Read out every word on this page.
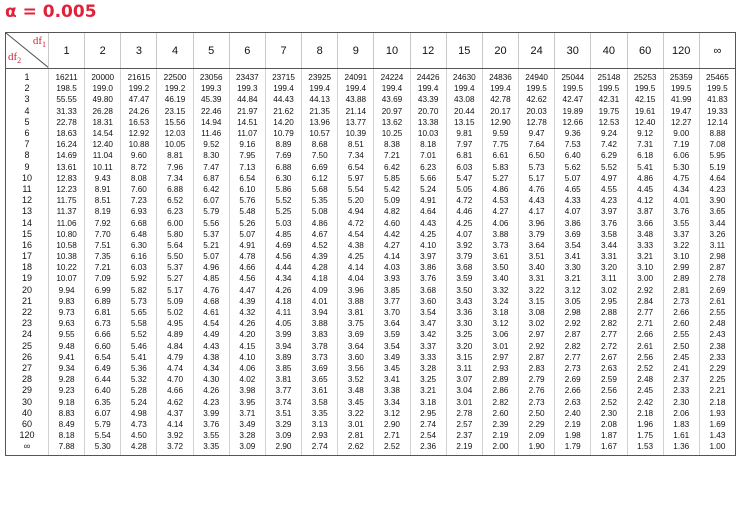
α = 0.005
$df_1$
$df_2$	1	2	3	4	5	6	7	8	9	10	12	15	20	24	30	40	60	120	∞
1	16211	20000	21615	22500	23056	23437	23715	23925	24091	24224	24426	24630	24836	24940	25044	25148	25253	25359	25465
2	198.5	199.0	199.2	199.2	199.3	199.3	199.4	199.4	199.4	199.4	199.4	199.4	199.4	199.5	199.5	199.5	199.5	199.5	199.5
3	55.55	49.80	47.47	46.19	45.39	44.84	44.43	44.13	43.88	43.69	43.39	43.08	42.78	42.62	42.47	42.31	42.15	41.99	41.83
4	31.33	26.28	24.26	23.15	22.46	21.97	21.62	21.35	21.14	20.97	20.70	20.44	20.17	20.03	19.89	19.75	19.61	19.47	19.33
5	22.78	18.31	16.53	15.56	14.94	14.51	14.20	13.96	13.77	13.62	13.38	13.15	12.90	12.78	12.66	12.53	12.40	12.27	12.14
6	18.63	14.54	12.92	12.03	11.46	11.07	10.79	10.57	10.39	10.25	10.03	9.81	9.59	9.47	9.36	9.24	9.12	9.00	8.88
7	16.24	12.40	10.88	10.05	9.52	9.16	8.89	8.68	8.51	8.38	8.18	7.97	7.75	7.64	7.53	7.42	7.31	7.19	7.08
8	14.69	11.04	9.60	8.81	8.30	7.95	7.69	7.50	7.34	7.21	7.01	6.81	6.61	6.50	6.40	6.29	6.18	6.06	5.95
9	13.61	10.11	8.72	7.96	7.47	7.13	6.88	6.69	6.54	6.42	6.23	6.03	5.83	5.73	5.62	5.52	5.41	5.30	5.19
10	12.83	9.43	8.08	7.34	6.87	6.54	6.30	6.12	5.97	5.85	5.66	5.47	5.27	5.17	5.07	4.97	4.86	4.75	4.64
11	12.23	8.91	7.60	6.88	6.42	6.10	5.86	5.68	5.54	5.42	5.24	5.05	4.86	4.76	4.65	4.55	4.45	4.34	4.23
12	11.75	8.51	7.23	6.52	6.07	5.76	5.52	5.35	5.20	5.09	4.91	4.72	4.53	4.43	4.33	4.23	4.12	4.01	3.90
13	11.37	8.19	6.93	6.23	5.79	5.48	5.25	5.08	4.94	4.82	4.64	4.46	4.27	4.17	4.07	3.97	3.87	3.76	3.65
14	11.06	7.92	6.68	6.00	5.56	5.26	5.03	4.86	4.72	4.60	4.43	4.25	4.06	3.96	3.86	3.76	3.66	3.55	3.44
15	10.80	7.70	6.48	5.80	5.37	5.07	4.85	4.67	4.54	4.42	4.25	4.07	3.88	3.79	3.69	3.58	3.48	3.37	3.26
16	10.58	7.51	6.30	5.64	5.21	4.91	4.69	4.52	4.38	4.27	4.10	3.92	3.73	3.64	3.54	3.44	3.33	3.22	3.11
17	10.38	7.35	6.16	5.50	5.07	4.78	4.56	4.39	4.25	4.14	3.97	3.79	3.61	3.51	3.41	3.31	3.21	3.10	2.98
18	10.22	7.21	6.03	5.37	4.96	4.66	4.44	4.28	4.14	4.03	3.86	3.68	3.50	3.40	3.30	3.20	3.10	2.99	2.87
19	10.07	7.09	5.92	5.27	4.85	4.56	4.34	4.18	4.04	3.93	3.76	3.59	3.40	3.31	3.21	3.11	3.00	2.89	2.78
20	9.94	6.99	5.82	5.17	4.76	4.47	4.26	4.09	3.96	3.85	3.68	3.50	3.32	3.22	3.12	3.02	2.92	2.81	2.69
21	9.83	6.89	5.73	5.09	4.68	4.39	4.18	4.01	3.88	3.77	3.60	3.43	3.24	3.15	3.05	2.95	2.84	2.73	2.61
22	9.73	6.81	5.65	5.02	4.61	4.32	4.11	3.94	3.81	3.70	3.54	3.36	3.18	3.08	2.98	2.88	2.77	2.66	2.55
23	9.63	6.73	5.58	4.95	4.54	4.26	4.05	3.88	3.75	3.64	3.47	3.30	3.12	3.02	2.92	2.82	2.71	2.60	2.48
24	9.55	6.66	5.52	4.89	4.49	4.20	3.99	3.83	3.69	3.59	3.42	3.25	3.06	2.97	2.87	2.77	2.66	2.55	2.43
25	9.48	6.60	5.46	4.84	4.43	4.15	3.94	3.78	3.64	3.54	3.37	3.20	3.01	2.92	2.82	2.72	2.61	2.50	2.38
26	9.41	6.54	5.41	4.79	4.38	4.10	3.89	3.73	3.60	3.49	3.33	3.15	2.97	2.87	2.77	2.67	2.56	2.45	2.33
27	9.34	6.49	5.36	4.74	4.34	4.06	3.85	3.69	3.56	3.45	3.28	3.11	2.93	2.83	2.73	2.63	2.52	2.41	2.29
28	9.28	6.44	5.32	4.70	4.30	4.02	3.81	3.65	3.52	3.41	3.25	3.07	2.89	2.79	2.69	2.59	2.48	2.37	2.25
29	9.23	6.40	5.28	4.66	4.26	3.98	3.77	3.61	3.48	3.38	3.21	3.04	2.86	2.76	2.66	2.56	2.45	2.33	2.21
30	9.18	6.35	5.24	4.62	4.23	3.95	3.74	3.58	3.45	3.34	3.18	3.01	2.82	2.73	2.63	2.52	2.42	2.30	2.18
40	8.83	6.07	4.98	4.37	3.99	3.71	3.51	3.35	3.22	3.12	2.95	2.78	2.60	2.50	2.40	2.30	2.18	2.06	1.93
60	8.49	5.79	4.73	4.14	3.76	3.49	3.29	3.13	3.01	2.90	2.74	2.57	2.39	2.29	2.19	2.08	1.96	1.83	1.69
120	8.18	5.54	4.50	3.92	3.55	3.28	3.09	2.93	2.81	2.71	2.54	2.37	2.19	2.09	1.98	1.87	1.75	1.61	1.43
∞	7.88	5.30	4.28	3.72	3.35	3.09	2.90	2.74	2.62	2.52	2.36	2.19	2.00	1.90	1.79	1.67	1.53	1.36	1.00
